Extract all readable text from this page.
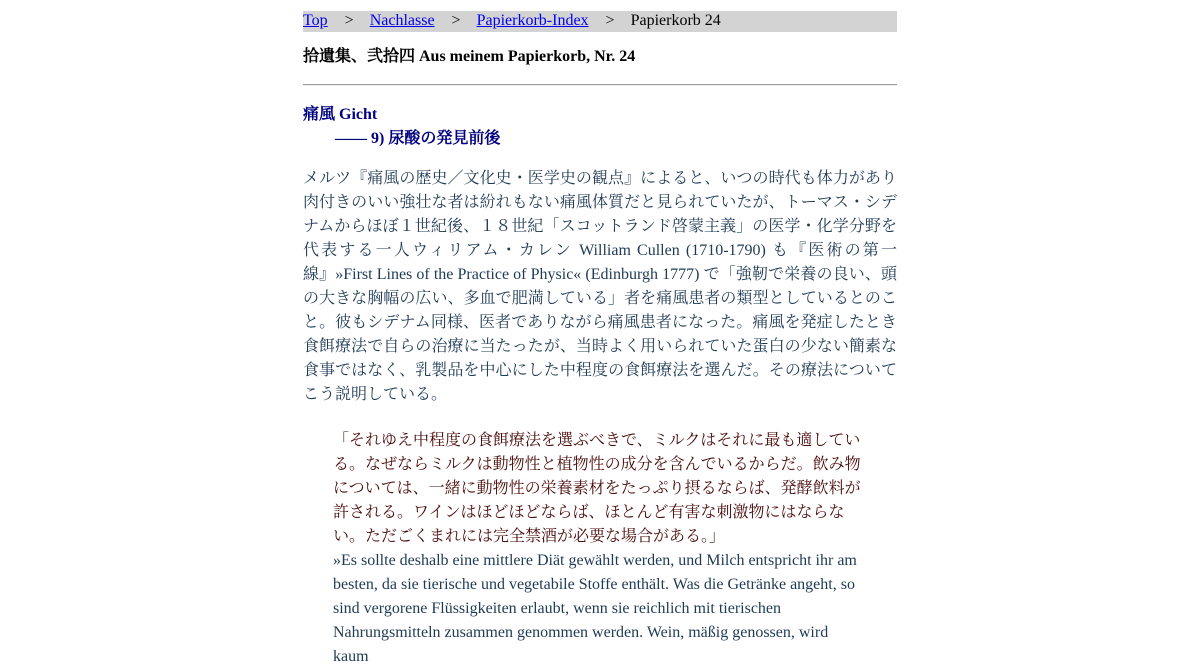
Top > Nachlasse > Papierkorb-Index > Papierkorb 24
拾遺集、弐拾四 Aus meinem Papierkorb, Nr. 24
痛風 Gicht
—— 9) 尿酸の発見前後

メルツ『痛風の歴史／文化史・医学史の観点』によると、いつの時代も体力があり肉付きのいい強壮な者は紛れもない痛風体質だと見られていたが、トーマス・シデナムからほぼ１世紀後、１８世紀「スコットランド啓蒙主義」の医学・化学分野を代表する一人ウィリアム・カレン William Cullen (1710-1790) も『医術の第一線』»First Lines of the Practice of Physic« (Edinburgh 1777) で「強靭で栄養の良い、頭の大きな胸幅の広い、多血で肥満している」者を痛風患者の類型としているとのこと。彼もシデナム同様、医者でありながら痛風患者になった。痛風を発症したとき食餌療法で自らの治療に当たったが、当時よく用いられていた蛋白の少ない簡素な食事ではなく、乳製品を中心にした中程度の食餌療法を選んだ。その療法についてこう説明している。

「それゆえ中程度の食餌療法を選ぶべきで、ミルクはそれに最も適している。なぜならミルクは動物性と植物性の成分を含んでいるからだ。飲み物については、一緒に動物性の栄養素材をたっぷり摂るならば、発酵飲料が許される。ワインはほどほどならば、ほとんど有害な刺激物にはならない。ただごくまれには完全禁酒が必要な場合がある。」
»Es sollte deshalb eine mittlere Diät gewählt werden, und Milch entspricht ihr am besten, da sie tierische und vegetabile Stoffe enthält. Was die Getränke angeht, so sind vergorene Flüssigkeiten erlaubt, wenn sie reichlich mit tierischen Nahrungsmitteln zusammen genommen werden. Wein, mäßig genossen, wird kaum
